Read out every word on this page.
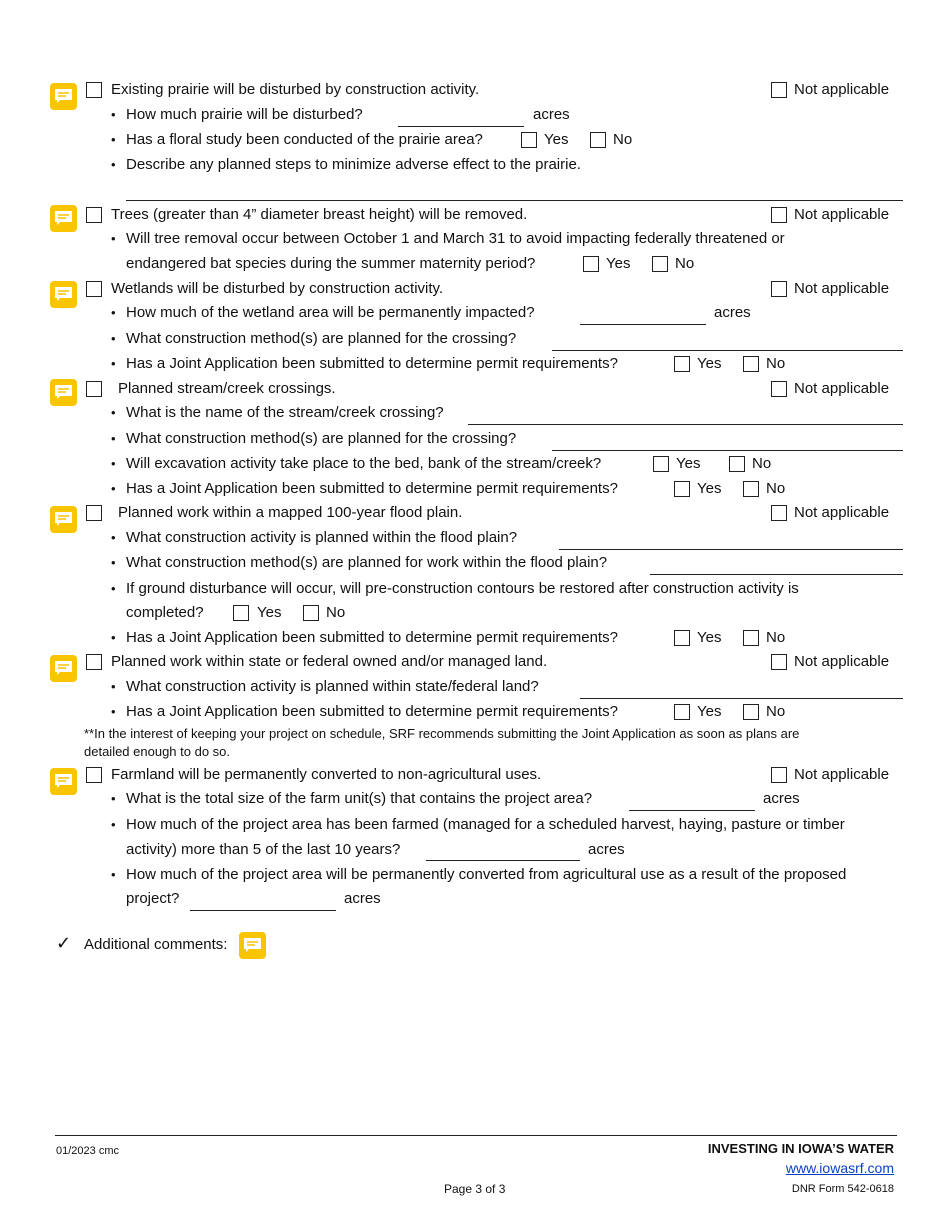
Existing prairie will be disturbed by construction activity.	Not applicable
• How much prairie will be disturbed?	acres
• Has a floral study been conducted of the prairie area?	Yes	No
• Describe any planned steps to minimize adverse effect to the prairie.
Trees (greater than 4” diameter breast height) will be removed.	Not applicable
• Will tree removal occur between October 1 and March 31 to avoid impacting federally threatened or
endangered bat species during the summer maternity period?	Yes	No
Wetlands will be disturbed by construction activity.	Not applicable
• How much of the wetland area will be permanently impacted?	acres
• What construction method(s) are planned for the crossing?
• Has a Joint Application been submitted to determine permit requirements?	Yes	No
Planned stream/creek crossings.	Not applicable
• What is the name of the stream/creek crossing?
• What construction method(s) are planned for the crossing?
• Will excavation activity take place to the bed, bank of the stream/creek?	Yes	No
• Has a Joint Application been submitted to determine permit requirements?	Yes	No
Planned work within a mapped 100-year flood plain.	Not applicable
• What construction activity is planned within the flood plain?
• What construction method(s) are planned for work within the flood plain?
• If ground disturbance will occur, will pre-construction contours be restored after construction activity is
completed?	Yes	No
• Has a Joint Application been submitted to determine permit requirements?	Yes	No
Planned work within state or federal owned and/or managed land.	Not applicable
• What construction activity is planned within state/federal land?
• Has a Joint Application been submitted to determine permit requirements?	Yes	No
**In the interest of keeping your project on schedule, SRF recommends submitting the Joint Application as soon as plans are
detailed enough to do so.
Farmland will be permanently converted to non-agricultural uses.	Not applicable
• What is the total size of the farm unit(s) that contains the project area?	acres
• How much of the project area has been farmed (managed for a scheduled harvest, haying, pasture or timber
activity) more than 5 of the last 10 years?	acres
• How much of the project area will be permanently converted from agricultural use as a result of the proposed
project?	acres
✓ Additional comments:
01/2023 cmc	INVESTING IN IOWA’S WATER
www.iowasrf.com
Page 3 of 3	DNR Form 542-0618
